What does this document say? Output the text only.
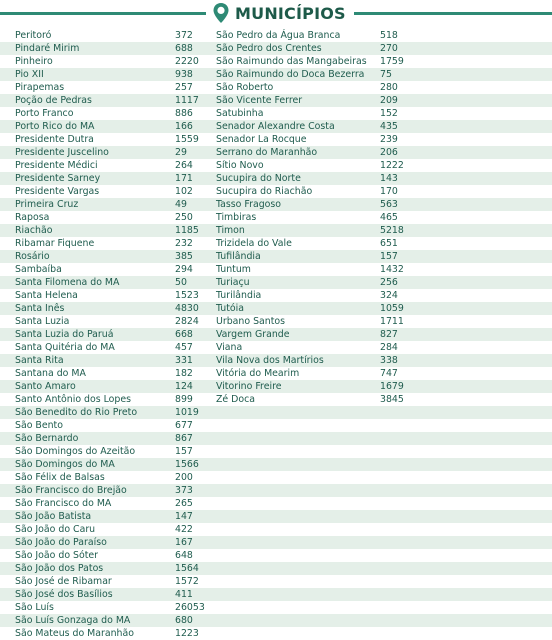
MUNICÍPIOS
Peritoró	372 São Pedro da Água Branca	518
Pindaré Mirim	688 São Pedro dos Crentes	270
Pinheiro	2220 São Raimundo das Mangabeiras 1759
Pio XII	938 São Raimundo do Doca Bezerra 75
Pirapemas	257 São Roberto	280
Poção de Pedras	1117 São Vicente Ferrer	209
Porto Franco	886 Satubinha	152
Porto Rico do MA	166 Senador Alexandre Costa	435
Presidente Dutra	1559 Senador La Rocque	239
Presidente Juscelino	29	Serrano do Maranhão	206
Presidente Médici	264 Sítio Novo	1222
Presidente Sarney	171 Sucupira do Norte	143
Presidente Vargas	102 Sucupira do Riachão	170
Primeira Cruz	49	Tasso Fragoso	563
Raposa	250 Timbiras	465
Riachão	1185 Timon	5218
Ribamar Fiquene	232 Trizidela do Vale	651
Rosário	385 Tufilândia	157
Sambaíba	294 Tuntum	1432
Santa Filomena do MA	50	Turiaçu	256
Santa Helena	1523 Turilândia	324
Santa Inês	4830 Tutóia	1059
Santa Luzia	2824 Urbano Santos	1711
Santa Luzia do Paruá	668 Vargem Grande	827
Santa Quitéria do MA	457 Viana	284
Santa Rita	331 Vila Nova dos Martírios	338
Santana do MA	182 Vitória do Mearim	747
Santo Amaro	124 Vitorino Freire	1679
Santo Antônio dos Lopes	899 Zé Doca	3845
São Benedito do Rio Preto	1019
São Bento	677
São Bernardo	867
São Domingos do Azeitão	157
São Domingos do MA	1566
São Félix de Balsas	200
São Francisco do Brejão	373
São Francisco do MA	265
São João Batista	147
São João do Caru	422
São João do Paraíso	167
São João do Sóter	648
São João dos Patos	1564
São José de Ribamar	1572
São José dos Basílios	411
São Luís	26053
São Luís Gonzaga do MA	680
São Mateus do Maranhão	1223
